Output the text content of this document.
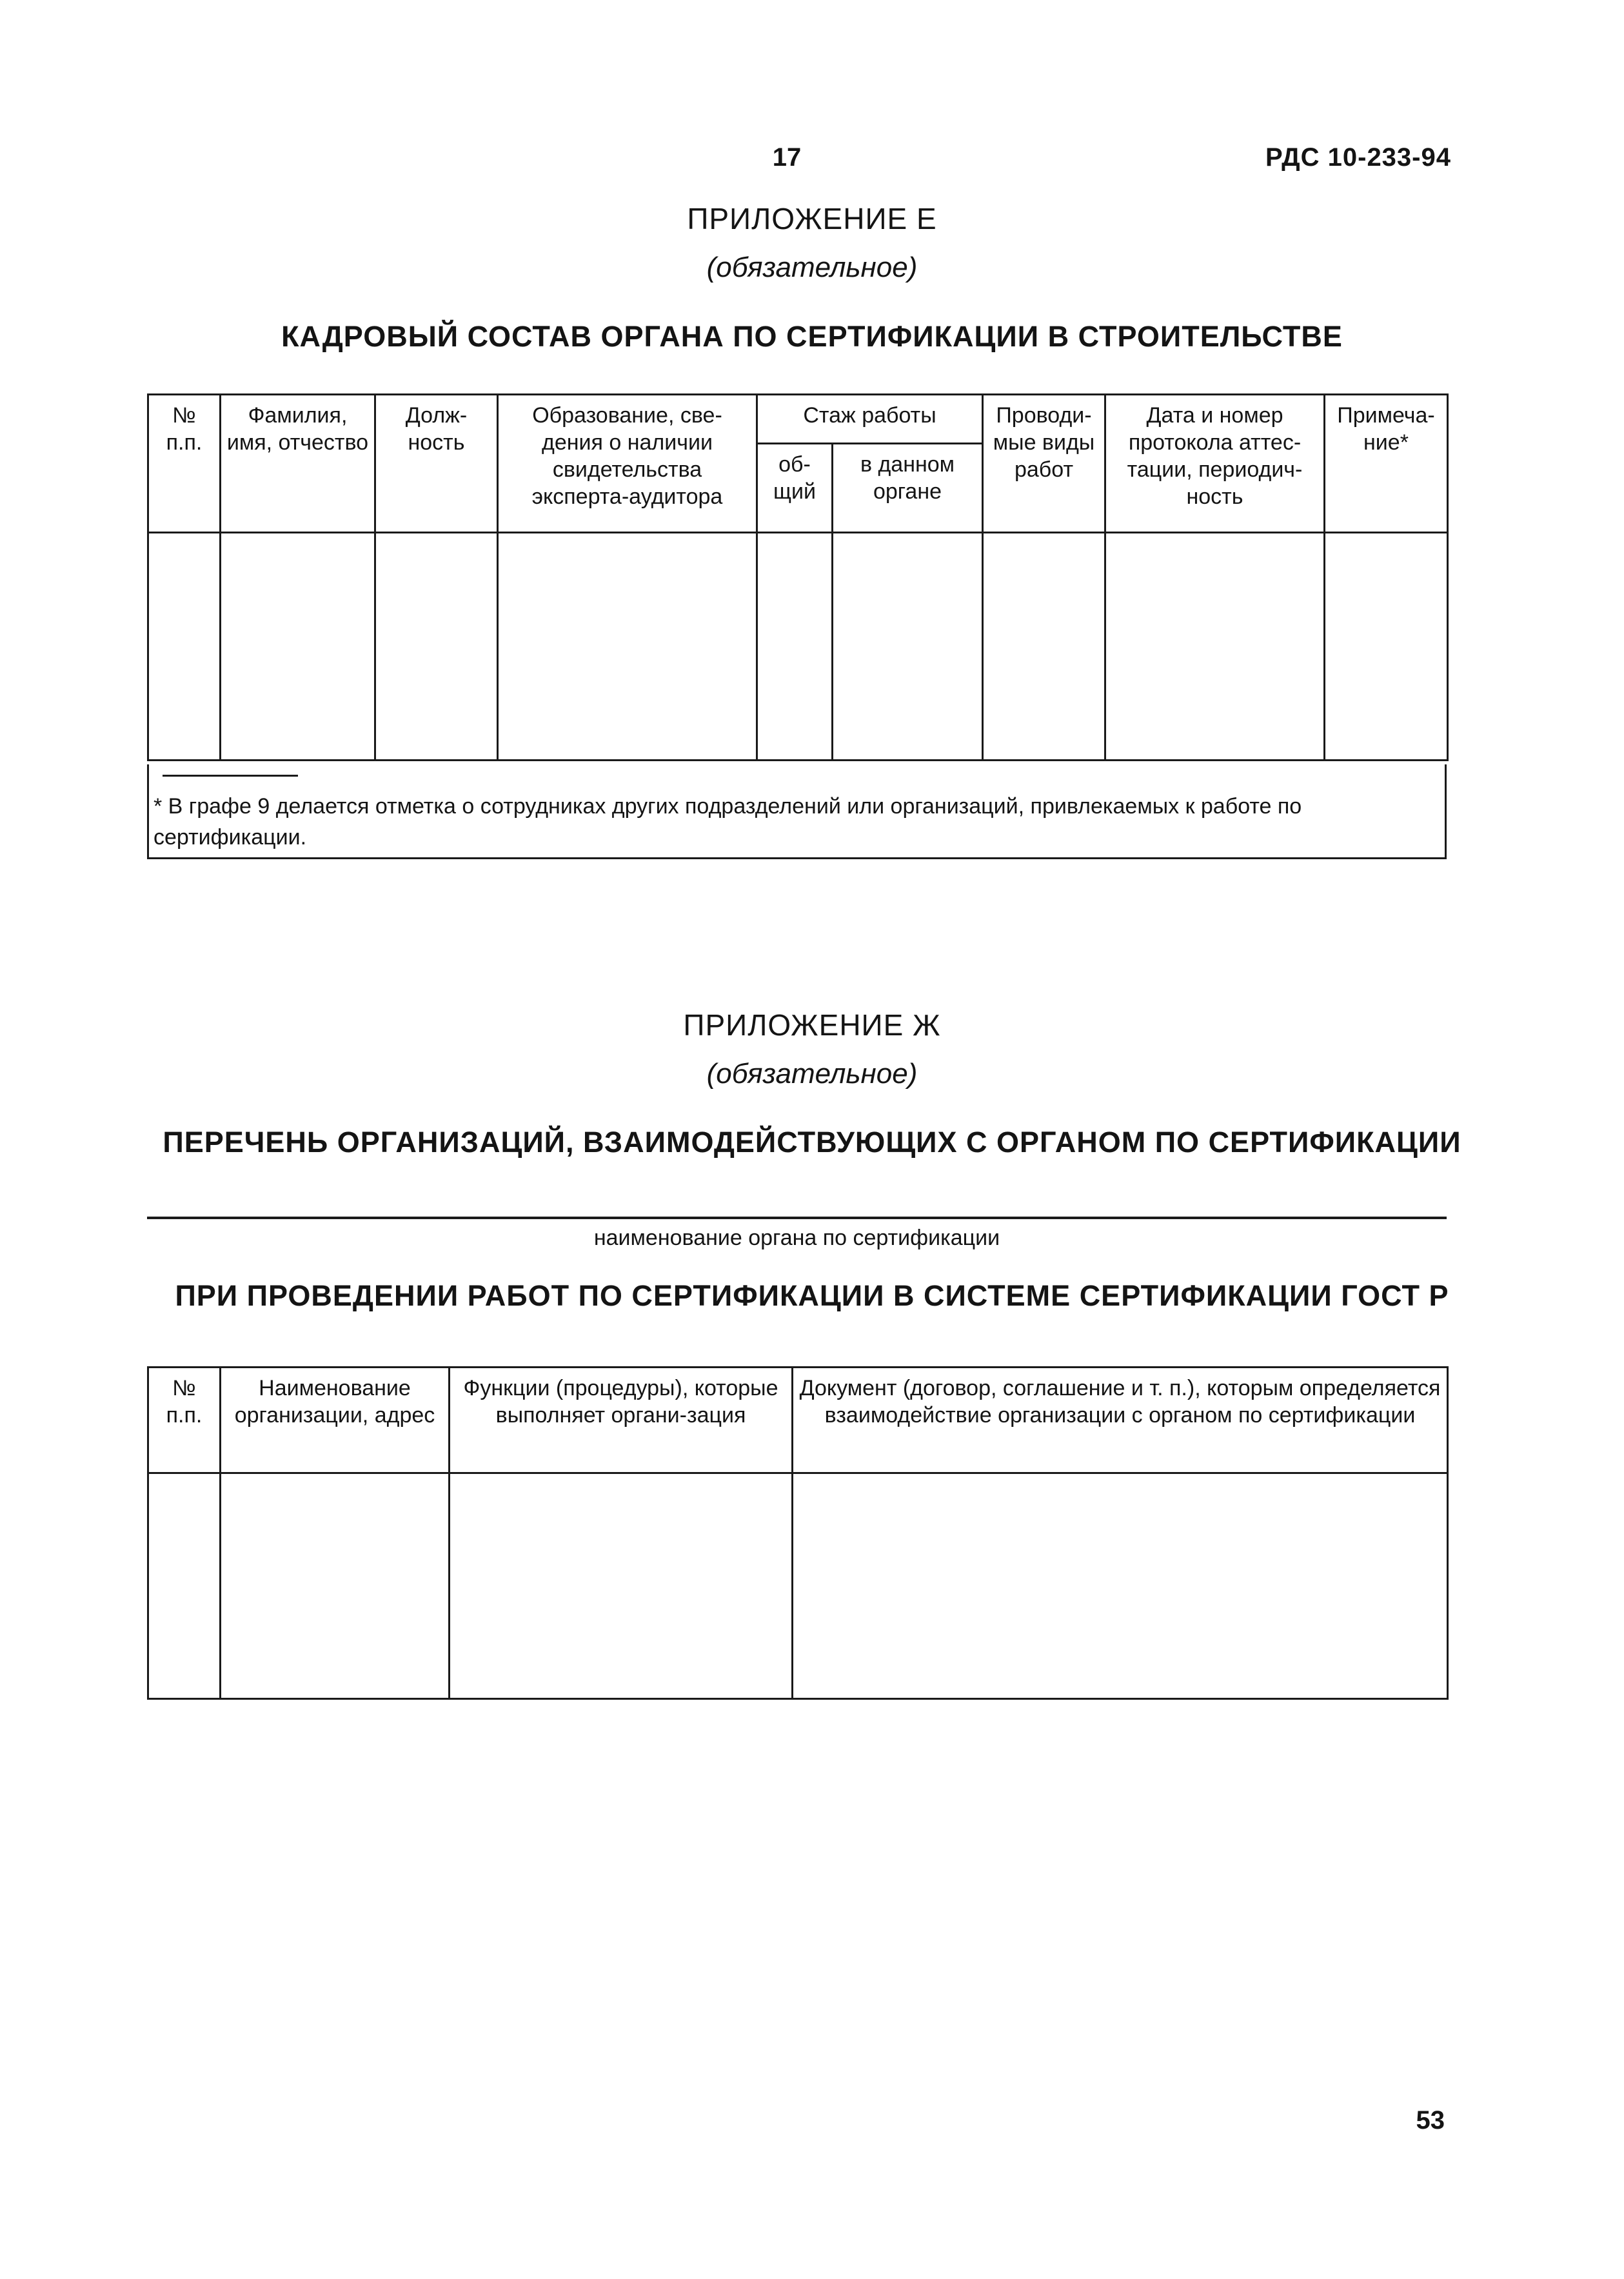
17	РДС 10-233-94
ПРИЛОЖЕНИЕ Е
(обязательное)
КАДРОВЫЙ СОСТАВ ОРГАНА ПО СЕРТИФИКАЦИИ В СТРОИТЕЛЬСТВЕ
№ п.п.	Фамилия, имя, отчество	Долж-ность	Образование, све-дения о наличии свидетельства эксперта-аудитора	Стаж работы		Проводи-мые виды работ	Дата и номер протокола аттес-тации, периодич-ность	Примеча-ние*
				об-щий	в данном органе			

* В графе 9 делается отметка о сотрудниках других подразделений или организаций, привлекаемых к работе по сертификации.
ПРИЛОЖЕНИЕ Ж
(обязательное)
ПЕРЕЧЕНЬ ОРГАНИЗАЦИЙ, ВЗАИМОДЕЙСТВУЮЩИХ С ОРГАНОМ ПО СЕРТИФИКАЦИИ
наименование органа по сертификации
ПРИ ПРОВЕДЕНИИ РАБОТ ПО СЕРТИФИКАЦИИ В СИСТЕМЕ СЕРТИФИКАЦИИ ГОСТ Р
№ п.п.	Наименование организации, адрес	Функции (процедуры), которые выполняет органи-зация	Документ (договор, соглашение и т. п.), которым определяется взаимодействие организации с органом по сертификации

53
